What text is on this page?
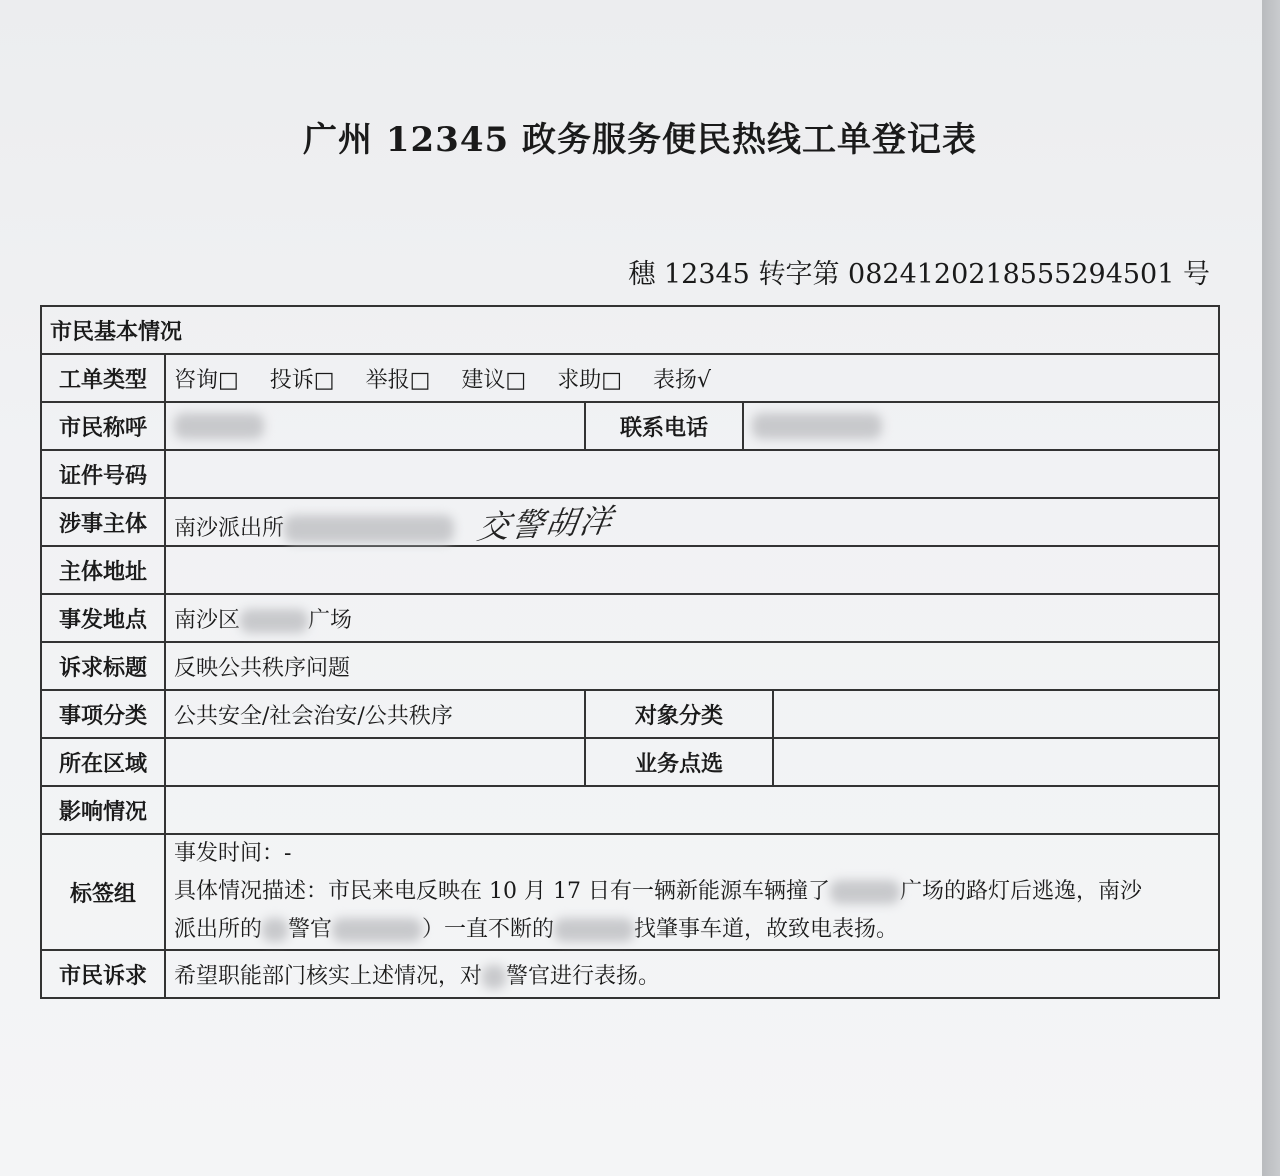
广州 12345 政务服务便民热线工单登记表
穗 12345 转字第 0824120218555294501 号
市民基本情况				
工单类型	咨询□ 投诉□ 举报□ 建议□ 求助□ 表扬√			
市民称呼		联系电话		
证件号码				
涉事主体	南沙派出所 交警胡洋			
主体地址				
事发地点	南沙区 广场			
诉求标题	反映公共秩序问题			
事项分类	公共安全/社会治安/公共秩序	对象分类		
所在区域		业务点选		
影响情况				
标签组	事发时间：-
具体情况描述：市民来电反映在 10 月 17 日有一辆新能源车辆撞了 广场的路灯后逃逸，南沙
派出所的 警官 ）一直不断的 找肇事车道，故致电表扬。			

市民诉求	希望职能部门核实上述情况，对 警官进行表扬。			
